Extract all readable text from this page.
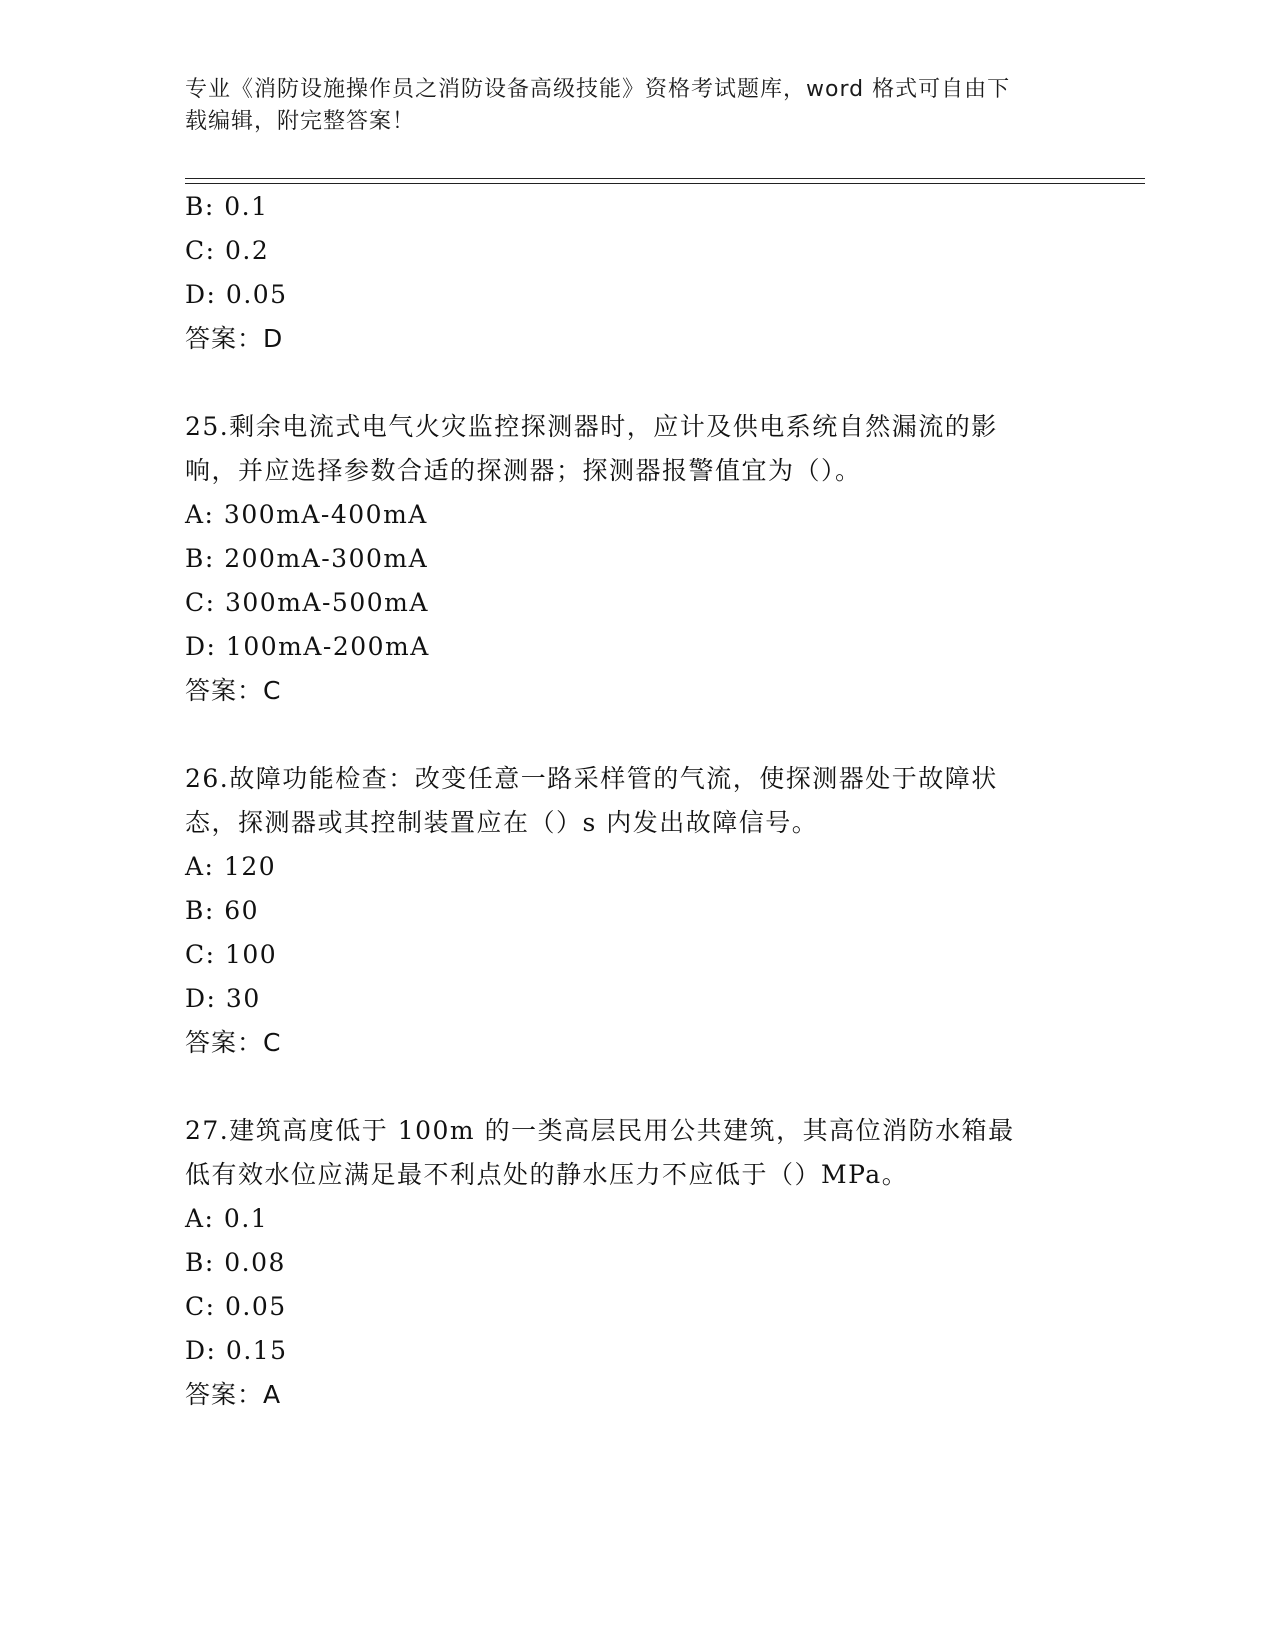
专业《消防设施操作员之消防设备高级技能》资格考试题库，word 格式可自由下
载编辑，附完整答案！
B: 0.1
C: 0.2
D: 0.05
答案：D
25.剩余电流式电气火灾监控探测器时，应计及供电系统自然漏流的影
响，并应选择参数合适的探测器；探测器报警值宜为（）。
A: 300mA-400mA
B: 200mA-300mA
C: 300mA-500mA
D: 100mA-200mA
答案：C
26.故障功能检查：改变任意一路采样管的气流，使探测器处于故障状
态，探测器或其控制装置应在（）s 内发出故障信号。
A: 120
B: 60
C: 100
D: 30
答案：C
27.建筑高度低于 100m 的一类高层民用公共建筑，其高位消防水箱最
低有效水位应满足最不利点处的静水压力不应低于（）MPa。
A: 0.1
B: 0.08
C: 0.05
D: 0.15
答案：A
